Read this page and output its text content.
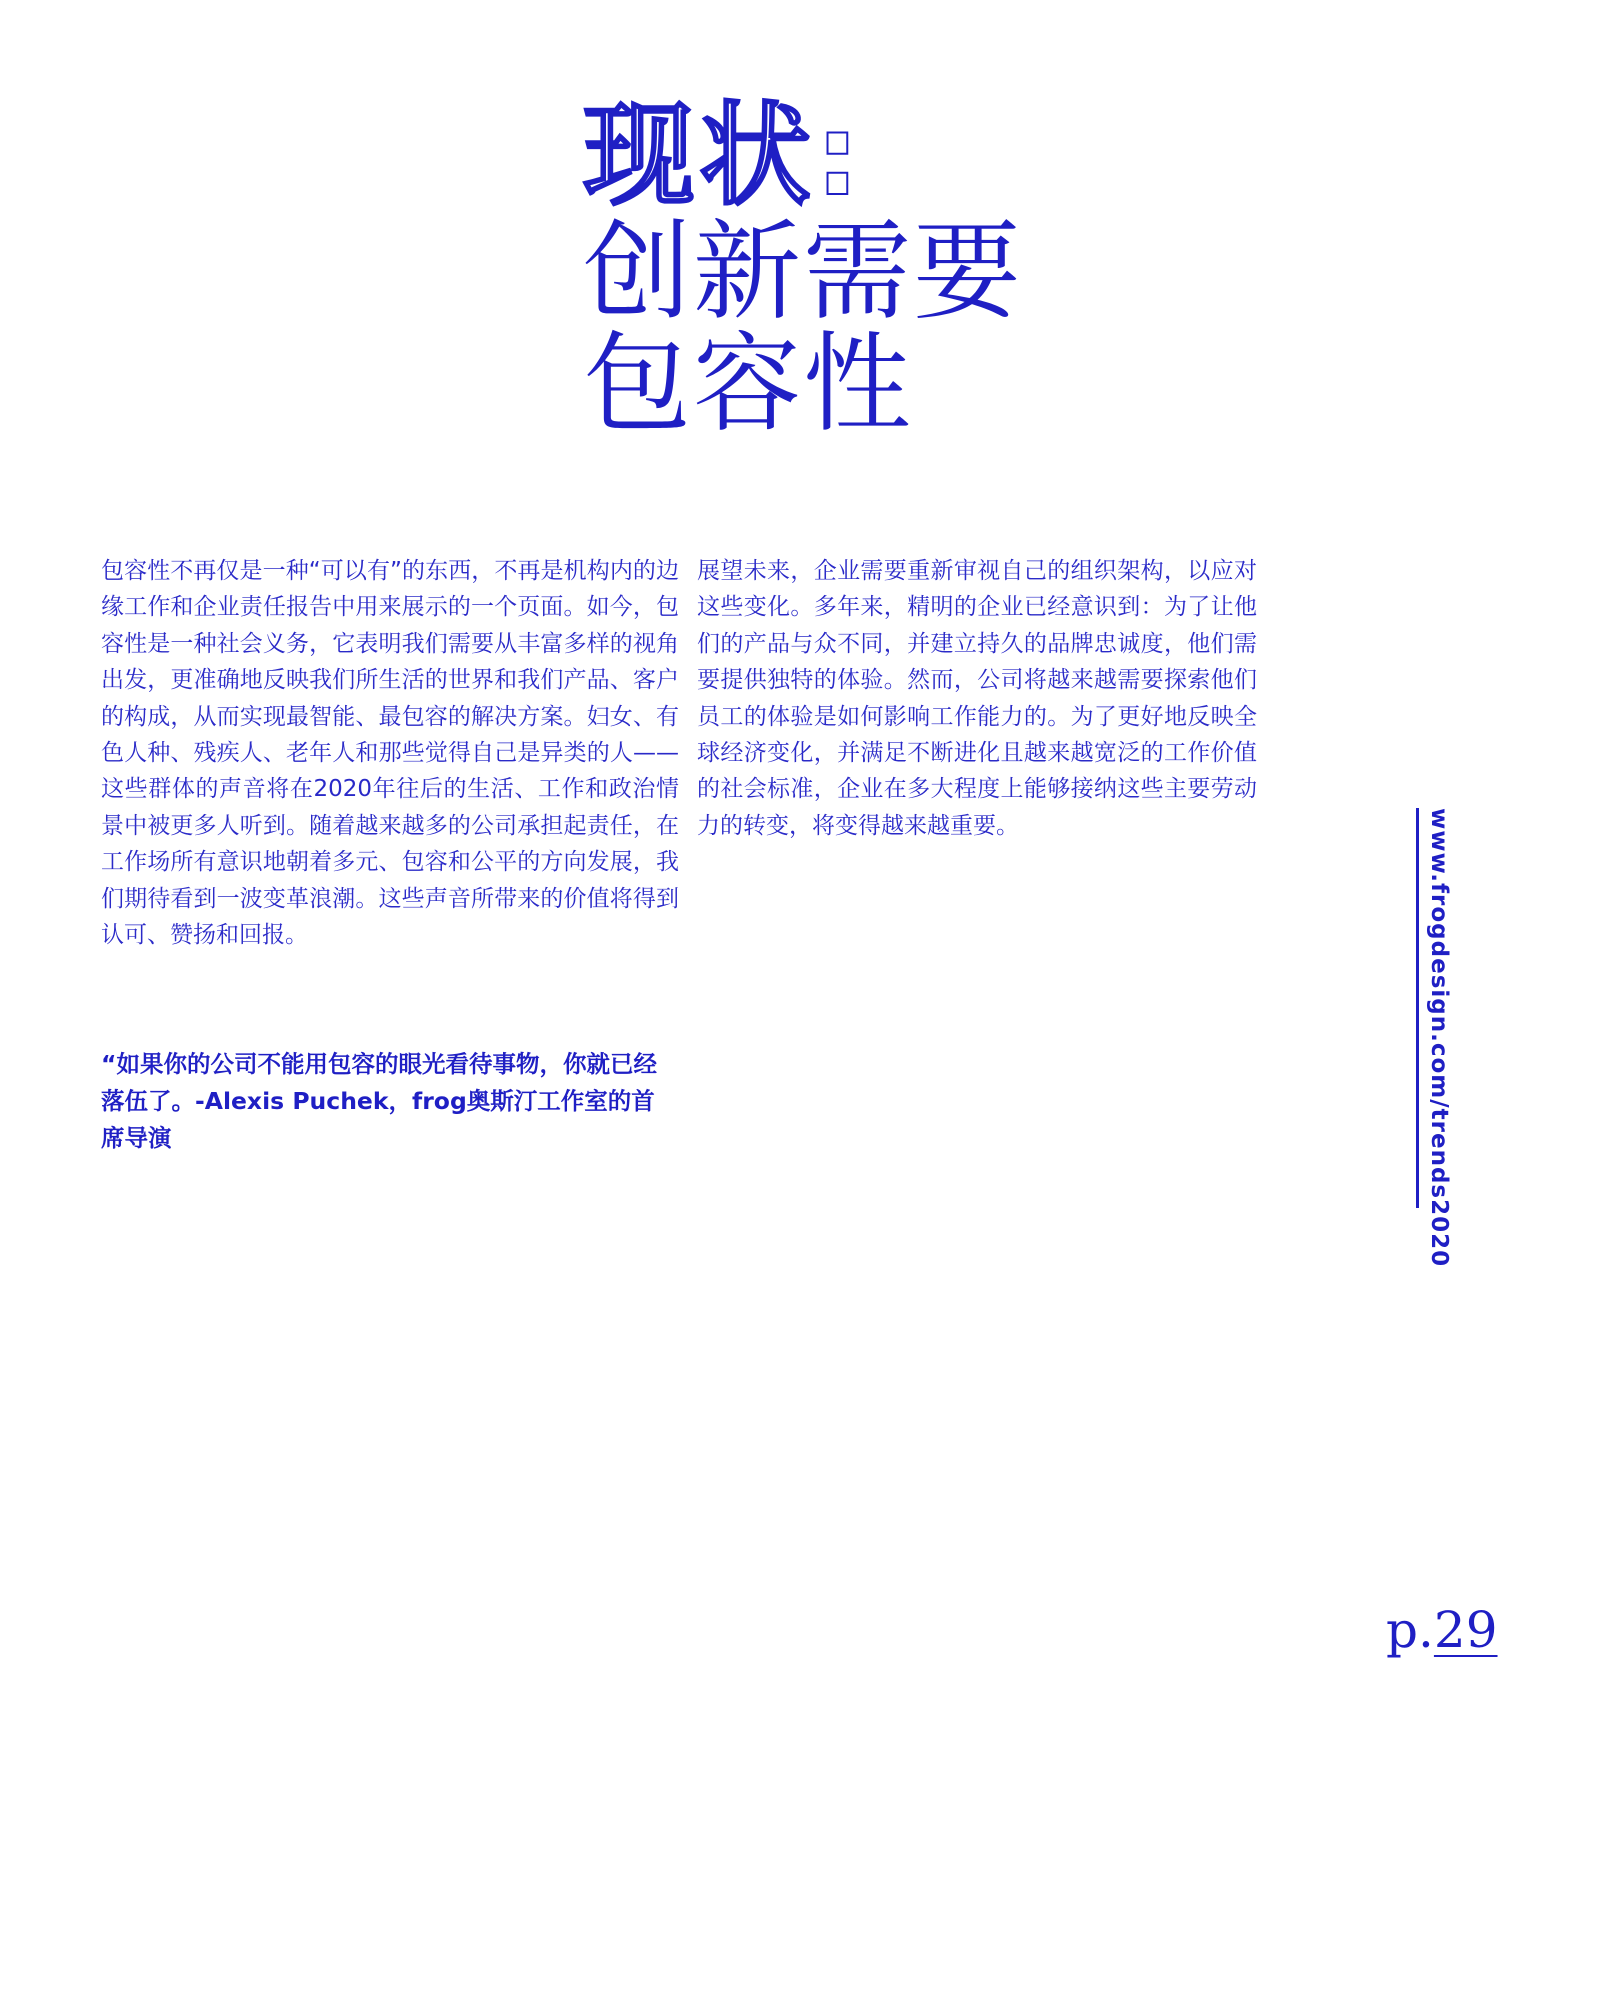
现状:
创新需要
包容性

包容性不再仅是一种“可以有”的东西，不再是机构内的边缘工作和企业责任报告中用来展示的一个页面。如今，包容性是一种社会义务，它表明我们需要从丰富多样的视角出发，更准确地反映我们所生活的世界和我们产品、客户的构成，从而实现最智能、最包容的解决方案。妇女、有色人种、残疾人、老年人和那些觉得自己是异类的人——这些群体的声音将在2020年往后的生活、工作和政治情景中被更多人听到。随着越来越多的公司承担起责任，在工作场所有意识地朝着多元、包容和公平的方向发展，我们期待看到一波变革浪潮。这些声音所带来的价值将得到认可、赞扬和回报。

“如果你的公司不能用包容的眼光看待事物，你就已经落伍了。-Alexis Puchek，frog奥斯汀工作室的首席导演

展望未来，企业需要重新审视自己的组织架构，以应对这些变化。多年来，精明的企业已经意识到：为了让他们的产品与众不同，并建立持久的品牌忠诚度，他们需要提供独特的体验。然而，公司将越来越需要探索他们员工的体验是如何影响工作能力的。为了更好地反映全球经济变化，并满足不断进化且越来越宽泛的工作价值的社会标准，企业在多大程度上能够接纳这些主要劳动力的转变，将变得越来越重要。	www.frogdesign.com/trends2020
p.29
